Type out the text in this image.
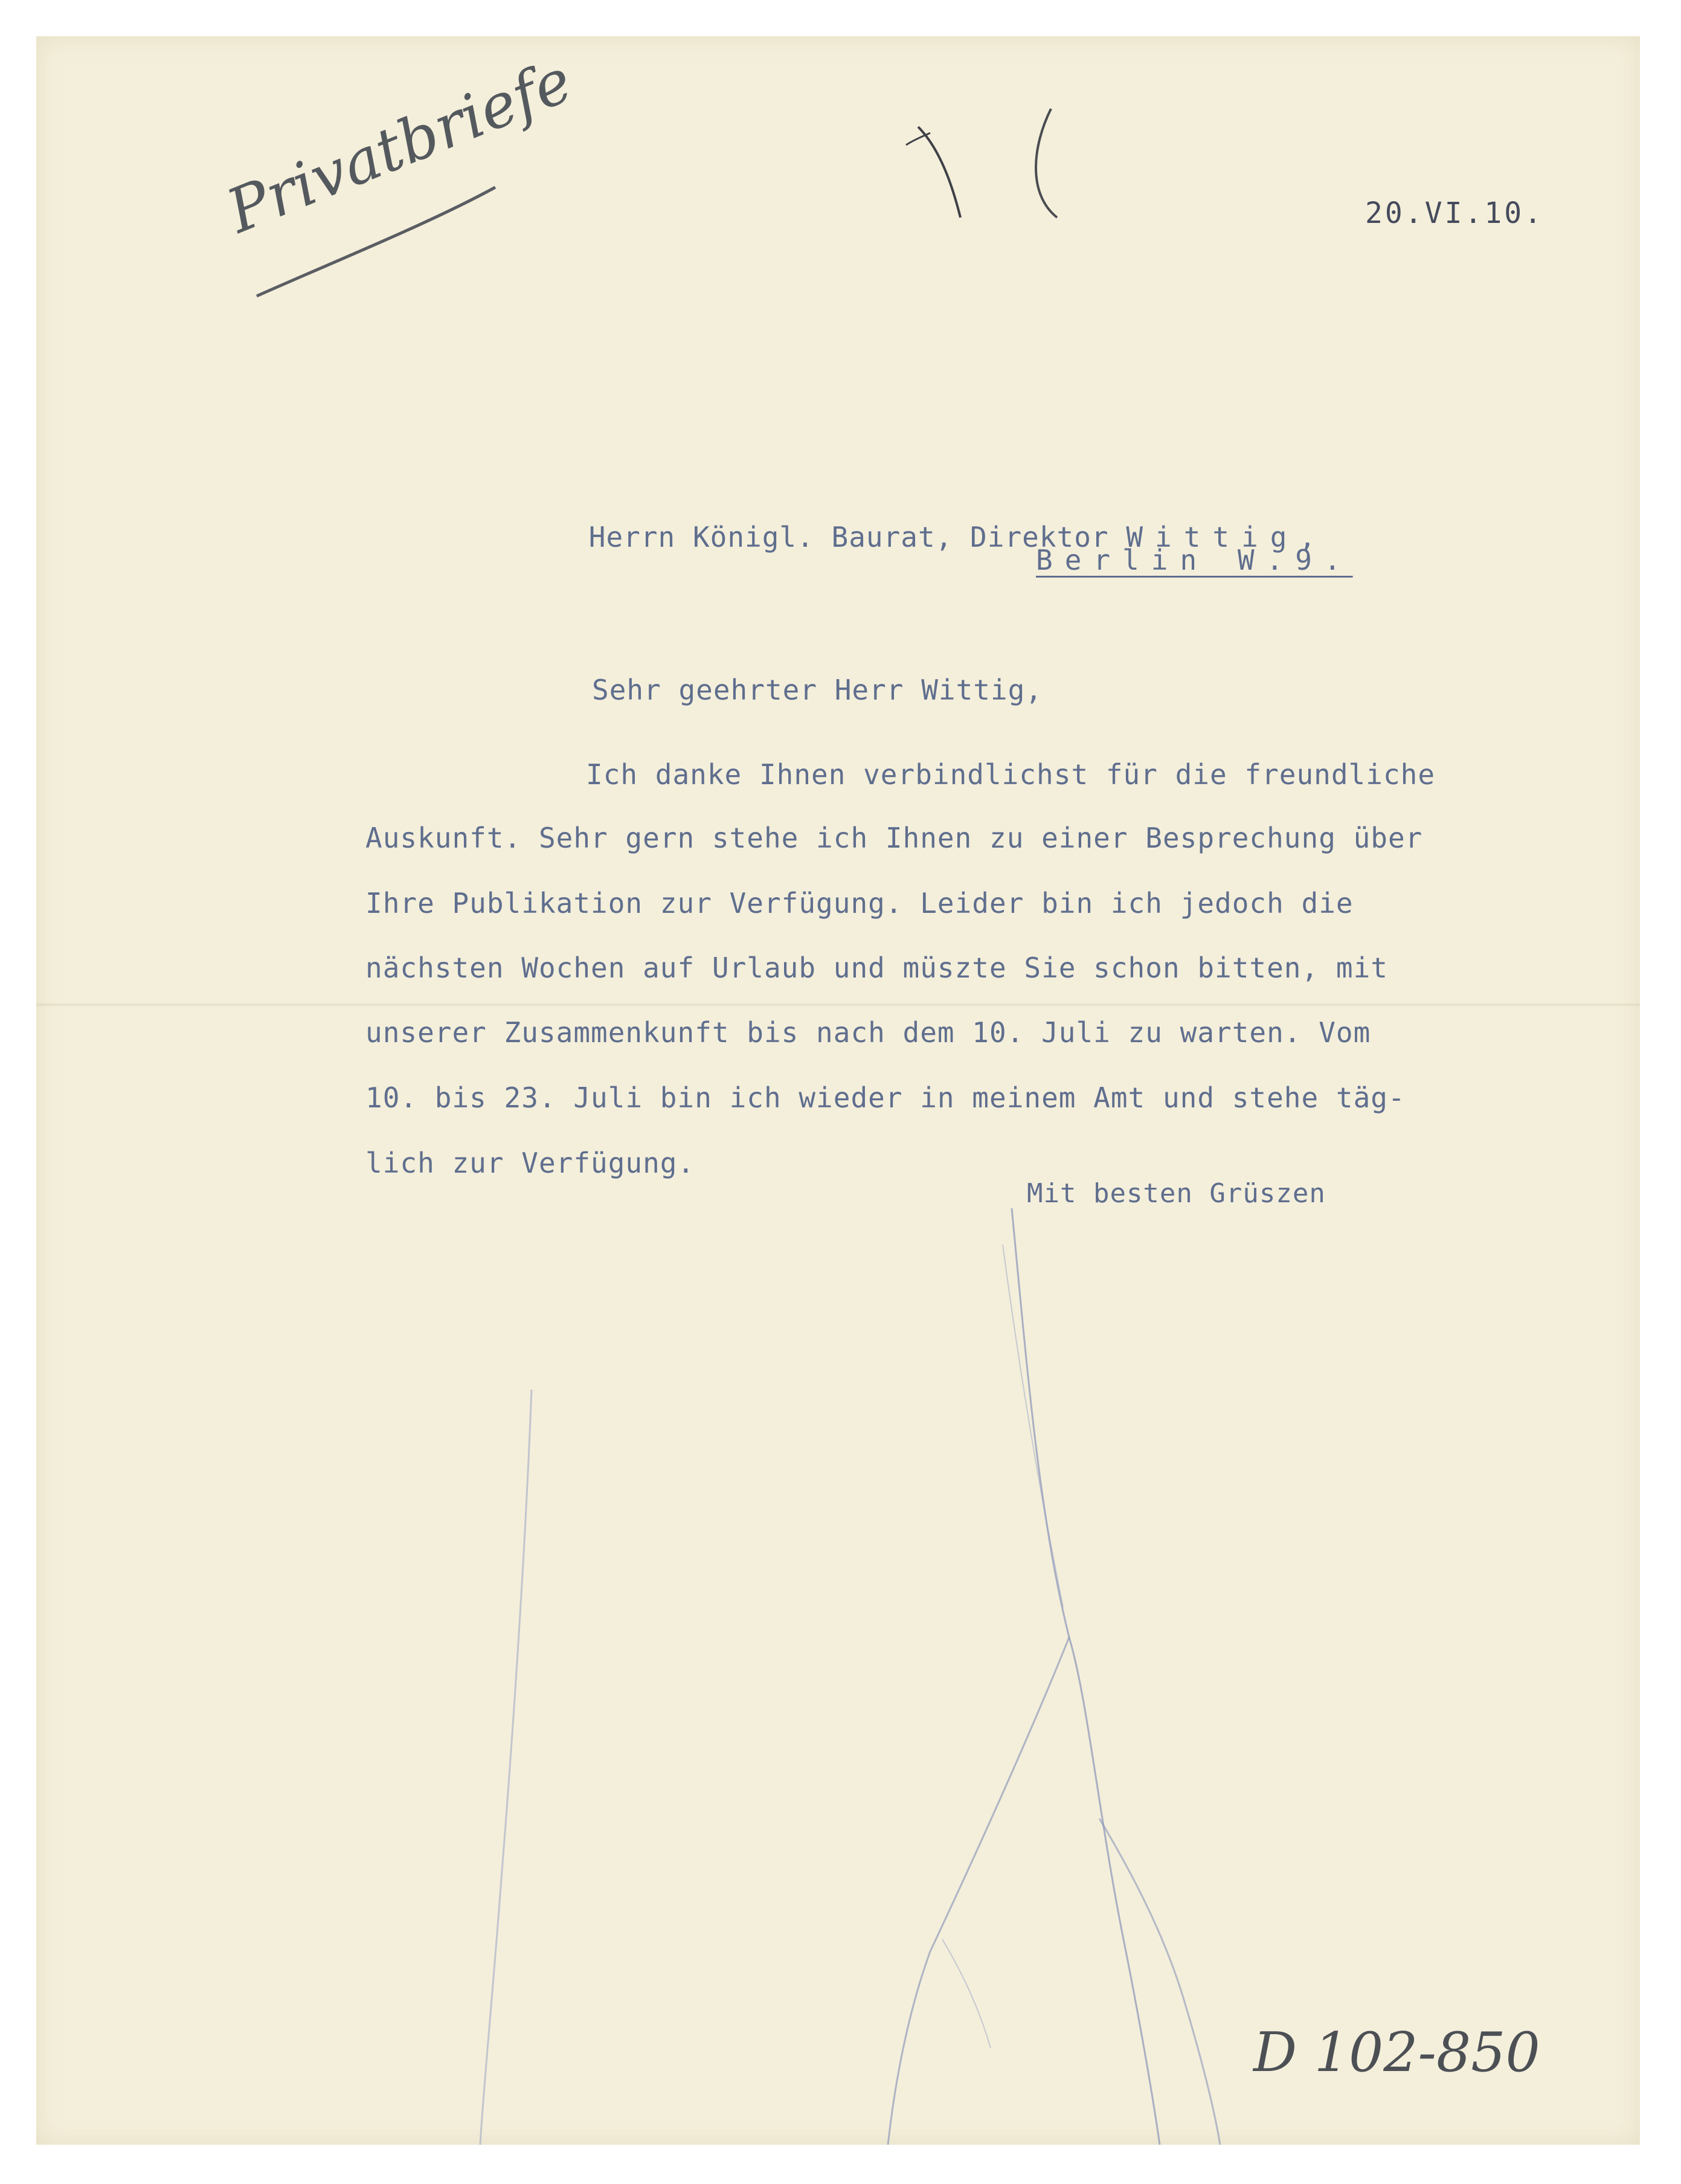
Privatbriefe	20.VI.10.

Herrn Königl. Baurat, Direktor Wittig,

Berlin W.9.
Sehr geehrter Herr Wittig,
Ich danke Ihnen verbindlichst für die freundliche
Auskunft. Sehr gern stehe ich Ihnen zu einer Besprechung über
Ihre Publikation zur Verfügung. Leider bin ich jedoch die
nächsten Wochen auf Urlaub und müszte Sie schon bitten, mit
unserer Zusammenkunft bis nach dem 10. Juli zu warten. Vom
10. bis 23. Juli bin ich wieder in meinem Amt und stehe täg-
lich zur Verfügung.
Mit besten Grüszen
D 102-850
